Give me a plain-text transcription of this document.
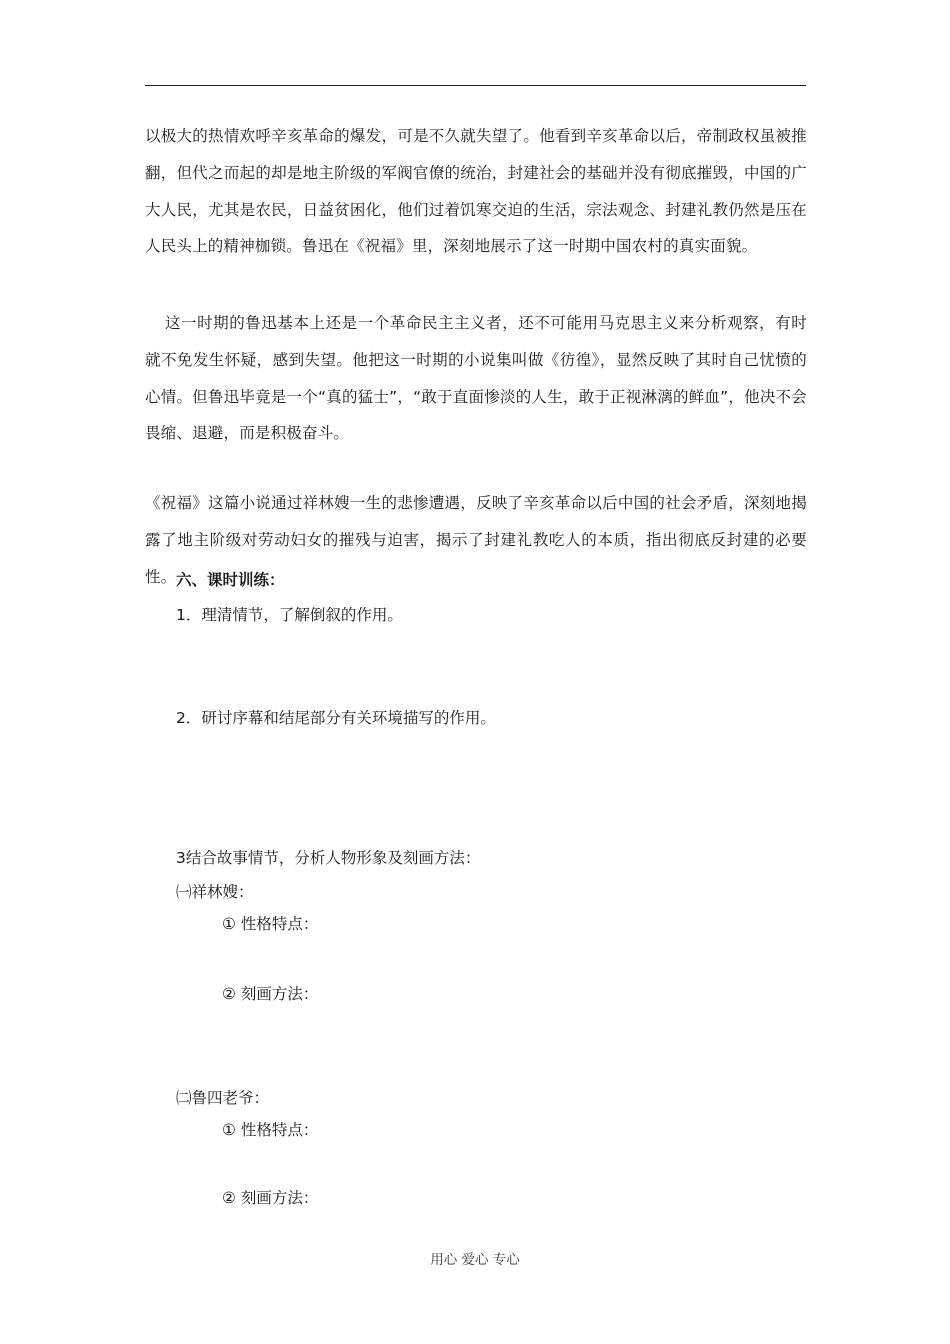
以极大的热情欢呼辛亥革命的爆发，可是不久就失望了。他看到辛亥革命以后，帝制政权虽被推翻，但代之而起的却是地主阶级的军阀官僚的统治，封建社会的基础并没有彻底摧毁，中国的广大人民，尤其是农民，日益贫困化，他们过着饥寒交迫的生活，宗法观念、封建礼教仍然是压在人民头上的精神枷锁。鲁迅在《祝福》里，深刻地展示了这一时期中国农村的真实面貌。

这一时期的鲁迅基本上还是一个革命民主主义者，还不可能用马克思主义来分析观察，有时就不免发生怀疑，感到失望。他把这一时期的小说集叫做《彷徨》，显然反映了其时自己忧愤的心情。但鲁迅毕竟是一个“真的猛士”，“敢于直面惨淡的人生，敢于正视淋漓的鲜血”，他决不会畏缩、退避，而是积极奋斗。

《祝福》这篇小说通过祥林嫂一生的悲惨遭遇，反映了辛亥革命以后中国的社会矛盾，深刻地揭露了地主阶级对劳动妇女的摧残与迫害，揭示了封建礼教吃人的本质，指出彻底反封建的必要性。 六、课时训练：
1．理清情节，了解倒叙的作用。
2．研讨序幕和结尾部分有关环境描写的作用。
3结合故事情节，分析人物形象及刻画方法：
㈠祥林嫂：
① 性格特点：
② 刻画方法：
㈡鲁四老爷：
① 性格特点：
② 刻画方法：
用心 爱心 专心
